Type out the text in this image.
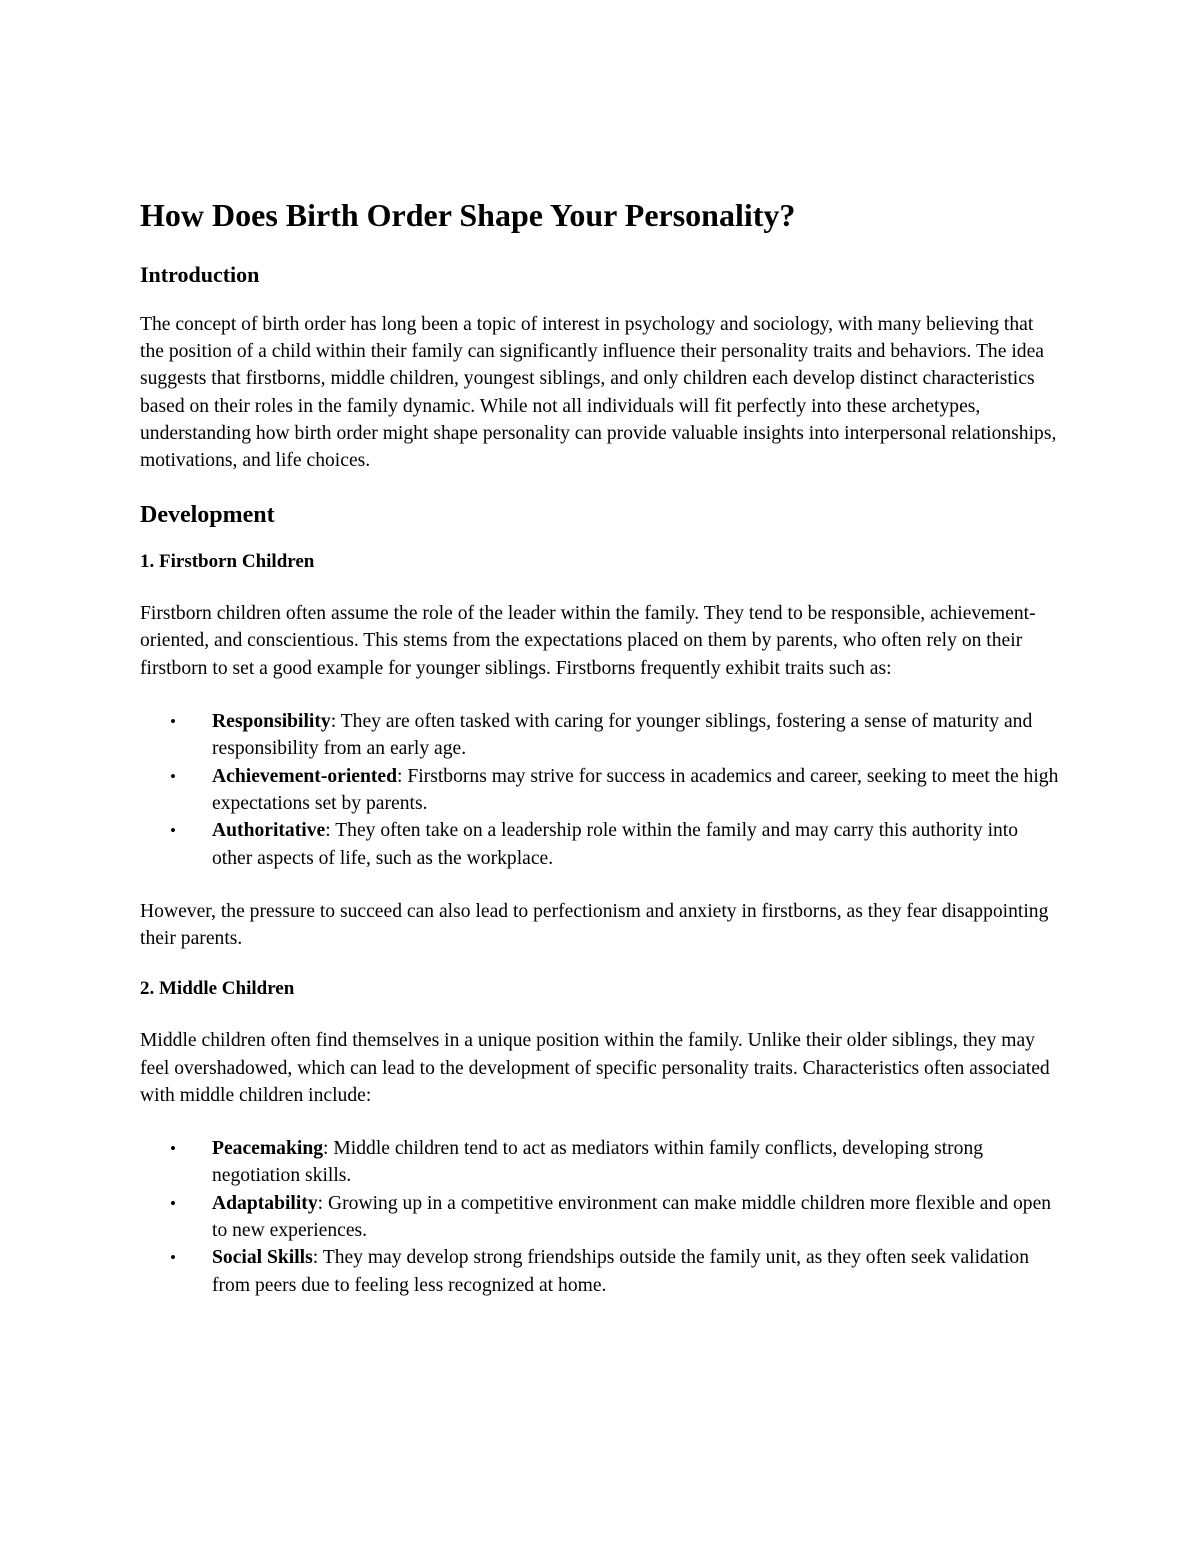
How Does Birth Order Shape Your Personality?
Introduction

The concept of birth order has long been a topic of interest in psychology and sociology, with many believing that the position of a child within their family can significantly influence their personality traits and behaviors. The idea suggests that firstborns, middle children, youngest siblings, and only children each develop distinct characteristics based on their roles in the family dynamic. While not all individuals will fit perfectly into these archetypes, understanding how birth order might shape personality can provide valuable insights into interpersonal relationships, motivations, and life choices.

Development
1. Firstborn Children

Firstborn children often assume the role of the leader within the family. They tend to be responsible, achievement-oriented, and conscientious. This stems from the expectations placed on them by parents, who often rely on their firstborn to set a good example for younger siblings. Firstborns frequently exhibit traits such as:

• Responsibility: They are often tasked with caring for younger siblings, fostering a sense of maturity and responsibility from an early age.
• Achievement-oriented: Firstborns may strive for success in academics and career, seeking to meet the high expectations set by parents.
• Authoritative: They often take on a leadership role within the family and may carry this authority into other aspects of life, such as the workplace.

However, the pressure to succeed can also lead to perfectionism and anxiety in firstborns, as they fear disappointing their parents.

2. Middle Children

Middle children often find themselves in a unique position within the family. Unlike their older siblings, they may feel overshadowed, which can lead to the development of specific personality traits. Characteristics often associated with middle children include:

• Peacemaking: Middle children tend to act as mediators within family conflicts, developing strong negotiation skills.
• Adaptability: Growing up in a competitive environment can make middle children more flexible and open to new experiences.
• Social Skills: They may develop strong friendships outside the family unit, as they often seek validation from peers due to feeling less recognized at home.
